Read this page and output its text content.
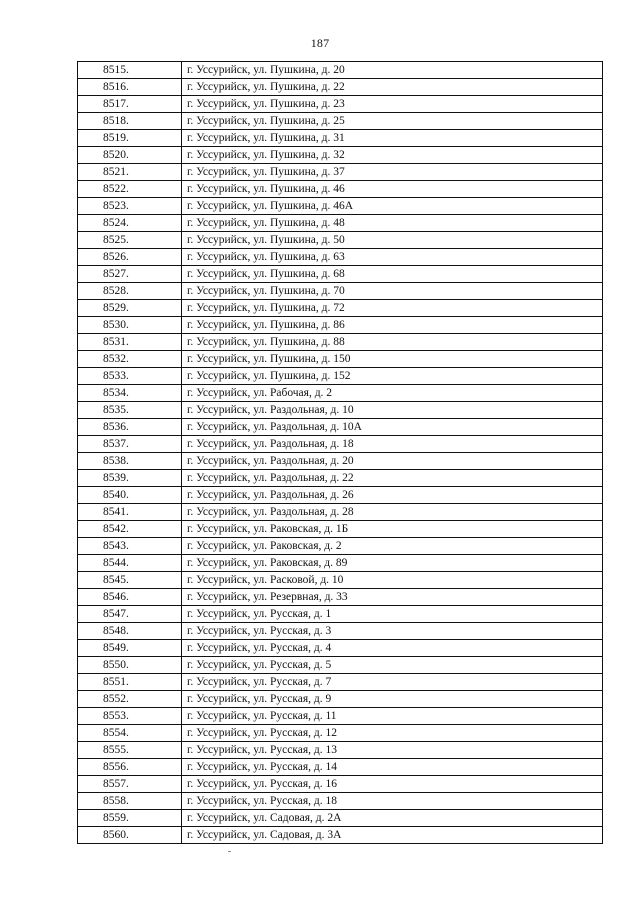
187
8515.	г. Уссурийск, ул. Пушкина, д. 20
8516.	г. Уссурийск, ул. Пушкина, д. 22
8517.	г. Уссурийск, ул. Пушкина, д. 23
8518.	г. Уссурийск, ул. Пушкина, д. 25
8519.	г. Уссурийск, ул. Пушкина, д. 31
8520.	г. Уссурийск, ул. Пушкина, д. 32
8521.	г. Уссурийск, ул. Пушкина, д. 37
8522.	г. Уссурийск, ул. Пушкина, д. 46
8523.	г. Уссурийск, ул. Пушкина, д. 46А
8524.	г. Уссурийск, ул. Пушкина, д. 48
8525.	г. Уссурийск, ул. Пушкина, д. 50
8526.	г. Уссурийск, ул. Пушкина, д. 63
8527.	г. Уссурийск, ул. Пушкина, д. 68
8528.	г. Уссурийск, ул. Пушкина, д. 70
8529.	г. Уссурийск, ул. Пушкина, д. 72
8530.	г. Уссурийск, ул. Пушкина, д. 86
8531.	г. Уссурийск, ул. Пушкина, д. 88
8532.	г. Уссурийск, ул. Пушкина, д. 150
8533.	г. Уссурийск, ул. Пушкина, д. 152
8534.	г. Уссурийск, ул. Рабочая, д. 2
8535.	г. Уссурийск, ул. Раздольная, д. 10
8536.	г. Уссурийск, ул. Раздольная, д. 10А
8537.	г. Уссурийск, ул. Раздольная, д. 18
8538.	г. Уссурийск, ул. Раздольная, д. 20
8539.	г. Уссурийск, ул. Раздольная, д. 22
8540.	г. Уссурийск, ул. Раздольная, д. 26
8541.	г. Уссурийск, ул. Раздольная, д. 28
8542.	г. Уссурийск, ул. Раковская, д. 1Б
8543.	г. Уссурийск, ул. Раковская, д. 2
8544.	г. Уссурийск, ул. Раковская, д. 89
8545.	г. Уссурийск, ул. Расковой, д. 10
8546.	г. Уссурийск, ул. Резервная, д. 33
8547.	г. Уссурийск, ул. Русская, д. 1
8548.	г. Уссурийск, ул. Русская, д. 3
8549.	г. Уссурийск, ул. Русская, д. 4
8550.	г. Уссурийск, ул. Русская, д. 5
8551.	г. Уссурийск, ул. Русская, д. 7
8552.	г. Уссурийск, ул. Русская, д. 9
8553.	г. Уссурийск, ул. Русская, д. 11
8554.	г. Уссурийск, ул. Русская, д. 12
8555.	г. Уссурийск, ул. Русская, д. 13
8556.	г. Уссурийск, ул. Русская, д. 14
8557.	г. Уссурийск, ул. Русская, д. 16
8558.	г. Уссурийск, ул. Русская, д. 18
8559.	г. Уссурийск, ул. Садовая, д. 2А
8560.	г. Уссурийск, ул. Садовая, д. 3А
